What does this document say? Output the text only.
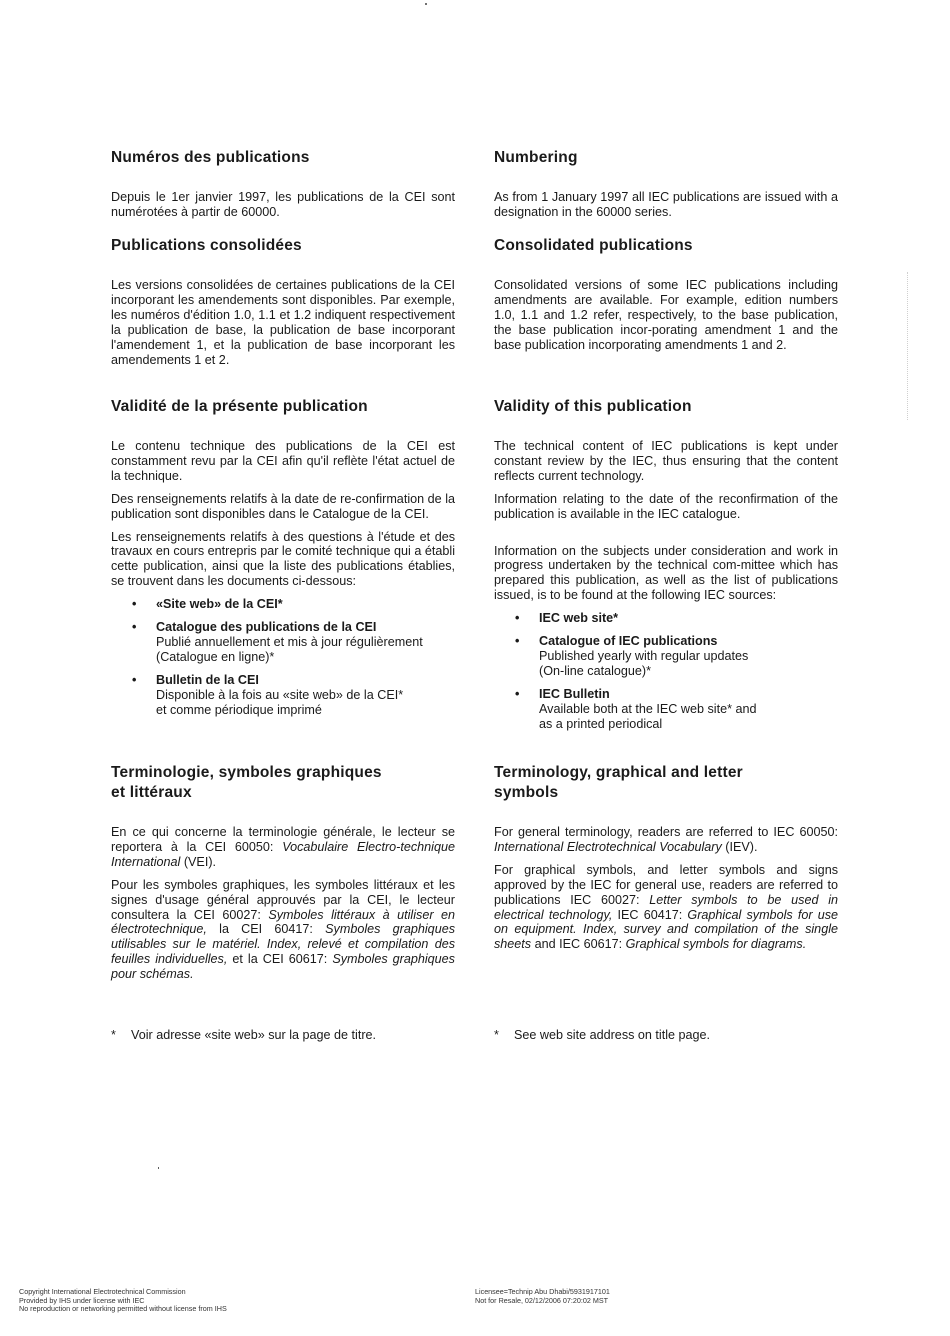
Numéros des publications

Depuis le 1er janvier 1997, les publications de la CEI sont numérotées à partir de 60000.

Publications consolidées

Les versions consolidées de certaines publications de la CEI incorporant les amendements sont disponibles. Par exemple, les numéros d'édition 1.0, 1.1 et 1.2 indiquent respectivement la publication de base, la publication de base incorporant l'amendement 1, et la publication de base incorporant les amendements 1 et 2.

Validité de la présente publication

Le contenu technique des publications de la CEI est constamment revu par la CEI afin qu'il reflète l'état actuel de la technique.

Des renseignements relatifs à la date de re-confirmation de la publication sont disponibles dans le Catalogue de la CEI.

Les renseignements relatifs à des questions à l'étude et des travaux en cours entrepris par le comité technique qui a établi cette publication, ainsi que la liste des publications établies, se trouvent dans les documents ci-dessous:

• «Site web» de la CEI*
• Catalogue des publications de la CEI
Publié annuellement et mis à jour régulièrement
(Catalogue en ligne)*
• Bulletin de la CEI
Disponible à la fois au «site web» de la CEI*
et comme périodique imprimé
Terminologie, symboles graphiques
et littéraux

En ce qui concerne la terminologie générale, le lecteur se reportera à la CEI 60050: Vocabulaire Electro-technique International (VEI).

Pour les symboles graphiques, les symboles littéraux et les signes d'usage général approuvés par la CEI, le lecteur consultera la CEI 60027: Symboles littéraux à utiliser en électrotechnique, la CEI 60417: Symboles graphiques utilisables sur le matériel. Index, relevé et compilation des feuilles individuelles, et la CEI 60617: Symboles graphiques pour schémas.

Numbering

As from 1 January 1997 all IEC publications are issued with a designation in the 60000 series.

Consolidated publications

Consolidated versions of some IEC publications including amendments are available. For example, edition numbers 1.0, 1.1 and 1.2 refer, respectively, to the base publication, the base publication incor-porating amendment 1 and the base publication incorporating amendments 1 and 2.

Validity of this publication

The technical content of IEC publications is kept under constant review by the IEC, thus ensuring that the content reflects current technology.

Information relating to the date of the reconfirmation of the publication is available in the IEC catalogue.

Information on the subjects under consideration and work in progress undertaken by the technical com-mittee which has prepared this publication, as well as the list of publications issued, is to be found at the following IEC sources:

• IEC web site*
• Catalogue of IEC publications
Published yearly with regular updates
(On-line catalogue)*
• IEC Bulletin
Available both at the IEC web site* and
as a printed periodical
Terminology, graphical and letter
symbols

For general terminology, readers are referred to IEC 60050: International Electrotechnical Vocabulary (IEV).

For graphical symbols, and letter symbols and signs approved by the IEC for general use, readers are referred to publications IEC 60027: Letter symbols to be used in electrical technology, IEC 60417: Graphical symbols for use on equipment. Index, survey and compilation of the single sheets and IEC 60617: Graphical symbols for diagrams.

* Voir adresse «site web» sur la page de titre.	* See web site address on title page.
Copyright International Electrotechnical Commission
Provided by IHS under license with IEC
No reproduction or networking permitted without license from IHS
Licensee=Technip Abu Dhabi/5931917101
Not for Resale, 02/12/2006 07:20:02 MST
